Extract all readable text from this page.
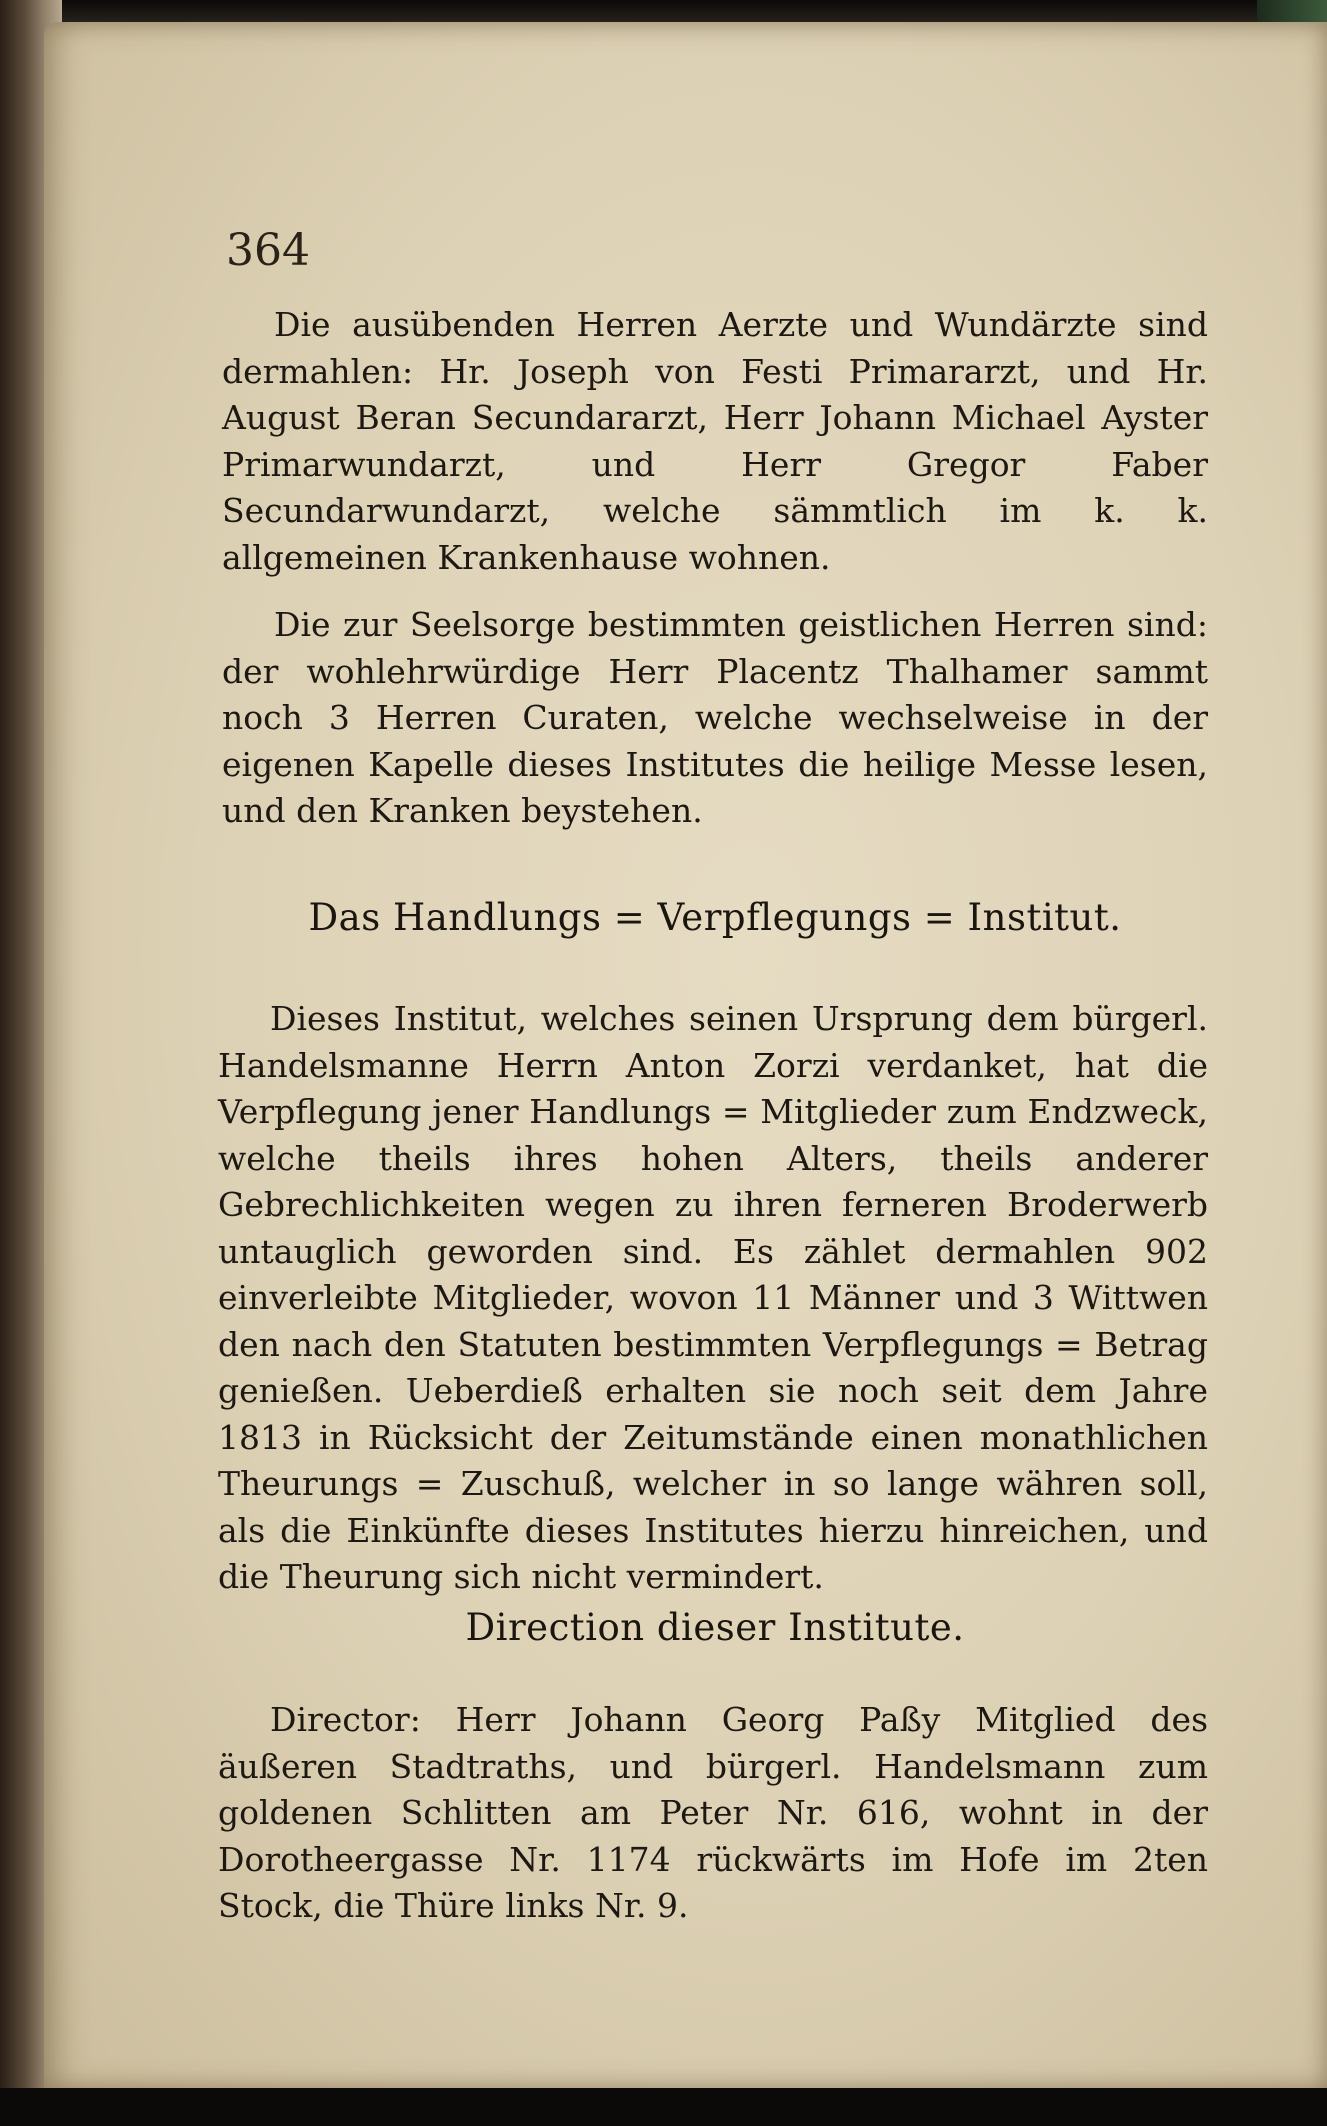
364

Die ausübenden Herren Aerzte und Wundärzte sind dermahlen: Hr. Joseph von Festi Primararzt, und Hr. August Beran Secundararzt, Herr Johann Michael Ayster Primarwundarzt, und Herr Gregor Faber Secundarwundarzt, welche sämmtlich im k. k. allgemeinen Krankenhause wohnen.

Die zur Seelsorge bestimmten geistlichen Herren sind: der wohlehrwürdige Herr Placentz Thalhamer sammt noch 3 Herren Curaten, welche wechselweise in der eigenen Kapelle dieses Institutes die heilige Messe lesen, und den Kranken beystehen.

Das Handlungs = Verpflegungs = Institut.

Dieses Institut, welches seinen Ursprung dem bürgerl. Handelsmanne Herrn Anton Zorzi verdanket, hat die Verpflegung jener Handlungs = Mitglieder zum Endzweck, welche theils ihres hohen Alters, theils anderer Gebrechlichkeiten wegen zu ihren ferneren Broderwerb untauglich geworden sind. Es zählet dermahlen 902 einverleibte Mitglieder, wovon 11 Männer und 3 Wittwen den nach den Statuten bestimmten Verpflegungs = Betrag genießen. Ueberdieß erhalten sie noch seit dem Jahre 1813 in Rücksicht der Zeitumstände einen monathlichen Theurungs = Zuschuß, welcher in so lange währen soll, als die Einkünfte dieses Institutes hierzu hinreichen, und die Theurung sich nicht vermindert.

Direction dieser Institute.

Director: Herr Johann Georg Paßy Mitglied des äußeren Stadtraths, und bürgerl. Handelsmann zum goldenen Schlitten am Peter Nr. 616, wohnt in der Dorotheergasse Nr. 1174 rückwärts im Hofe im 2ten Stock, die Thüre links Nr. 9.
